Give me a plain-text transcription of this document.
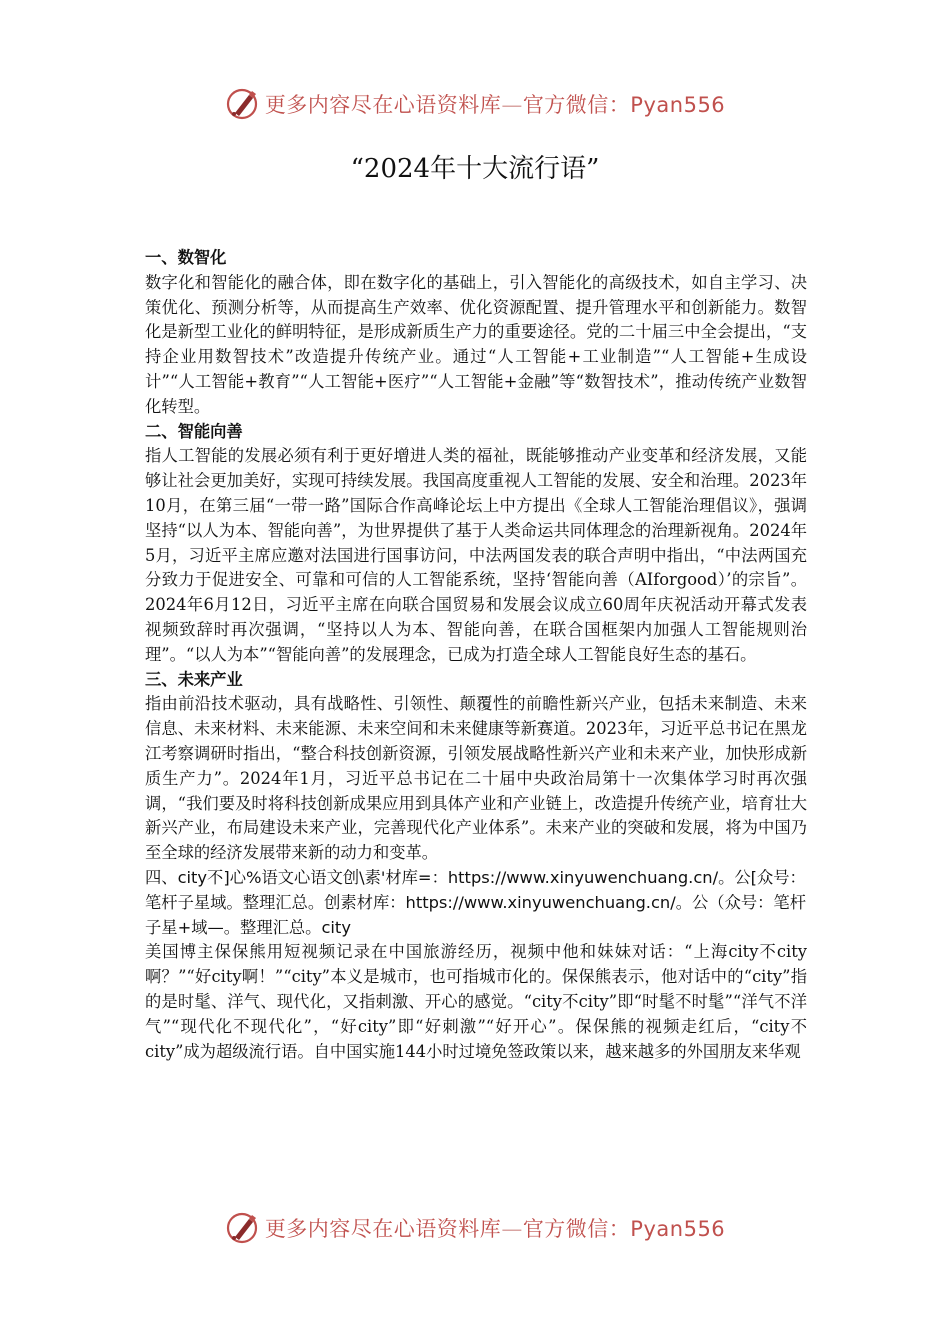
更多内容尽在心语资料库—官方微信：Pyan556
“2024年十大流行语”
一、数智化

数字化和智能化的融合体，即在数字化的基础上，引入智能化的高级技术，如自主学习、决策优化、预测分析等，从而提高生产效率、优化资源配置、提升管理水平和创新能力。数智化是新型工业化的鲜明特征，是形成新质生产力的重要途径。党的二十届三中全会提出，“支持企业用数智技术”改造提升传统产业。通过“人工智能+工业制造”“人工智能+生成设计”“人工智能+教育”“人工智能+医疗”“人工智能+金融”等“数智技术”，推动传统产业数智化转型。

二、智能向善

指人工智能的发展必须有利于更好增进人类的福祉，既能够推动产业变革和经济发展，又能够让社会更加美好，实现可持续发展。我国高度重视人工智能的发展、安全和治理。2023年10月，在第三届“一带一路”国际合作高峰论坛上中方提出《全球人工智能治理倡议》，强调坚持“以人为本、智能向善”，为世界提供了基于人类命运共同体理念的治理新视角。2024年5月，习近平主席应邀对法国进行国事访问，中法两国发表的联合声明中指出，“中法两国充分致力于促进安全、可靠和可信的人工智能系统，坚持‘智能向善（AIforgood）’的宗旨”。2024年6月12日，习近平主席在向联合国贸易和发展会议成立60周年庆祝活动开幕式发表视频致辞时再次强调，“坚持以人为本、智能向善，在联合国框架内加强人工智能规则治理”。“以人为本”“智能向善”的发展理念，已成为打造全球人工智能良好生态的基石。

三、未来产业

指由前沿技术驱动，具有战略性、引领性、颠覆性的前瞻性新兴产业，包括未来制造、未来信息、未来材料、未来能源、未来空间和未来健康等新赛道。2023年，习近平总书记在黑龙江考察调研时指出，“整合科技创新资源，引领发展战略性新兴产业和未来产业，加快形成新质生产力”。2024年1月，习近平总书记在二十届中央政治局第十一次集体学习时再次强调，“我们要及时将科技创新成果应用到具体产业和产业链上，改造提升传统产业，培育壮大新兴产业，布局建设未来产业，完善现代化产业体系”。未来产业的突破和发展，将为中国乃至全球的经济发展带来新的动力和变革。

四、city不]心%语文心语文创\素'材库=：https://www.xinyuwenchuang.cn/。公[众号：笔杆子星域。整理汇总。创素材库：https://www.xinyuwenchuang.cn/。公（众号：笔杆子星+域—。整理汇总。city

美国博主保保熊用短视频记录在中国旅游经历，视频中他和妹妹对话：“上海city不city啊？”“好city啊！”“city”本义是城市，也可指城市化的。保保熊表示，他对话中的“city”指的是时髦、洋气、现代化，又指刺激、开心的感觉。“city不city”即“时髦不时髦”“洋气不洋气”“现代化不现代化”，“好city”即“好刺激”“好开心”。保保熊的视频走红后，“city不city”成为超级流行语。自中国实施144小时过境免签政策以来，越来越多的外国朋友来华观

更多内容尽在心语资料库—官方微信：Pyan556
